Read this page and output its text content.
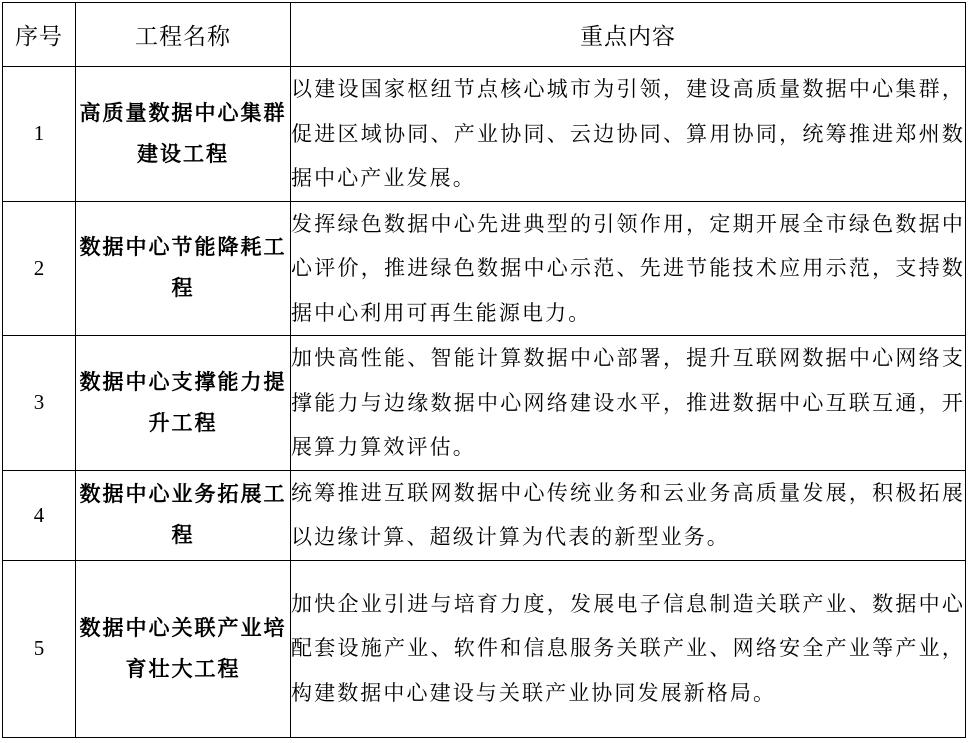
序号	工程名称	重点内容
1	高质量数据中心集群建设工程	以建设国家枢纽节点核心城市为引领，建设高质量数据中心集群，促进区域协同、产业协同、云边协同、算用协同，统筹推进郑州数据中心产业发展。
2	数据中心节能降耗工程	发挥绿色数据中心先进典型的引领作用，定期开展全市绿色数据中心评价，推进绿色数据中心示范、先进节能技术应用示范，支持数据中心利用可再生能源电力。
3	数据中心支撑能力提升工程	加快高性能、智能计算数据中心部署，提升互联网数据中心网络支撑能力与边缘数据中心网络建设水平，推进数据中心互联互通，开展算力算效评估。
4	数据中心业务拓展工程	统筹推进互联网数据中心传统业务和云业务高质量发展，积极拓展以边缘计算、超级计算为代表的新型业务。
5	数据中心关联产业培育壮大工程	加快企业引进与培育力度，发展电子信息制造关联产业、数据中心配套设施产业、软件和信息服务关联产业、网络安全产业等产业，构建数据中心建设与关联产业协同发展新格局。
